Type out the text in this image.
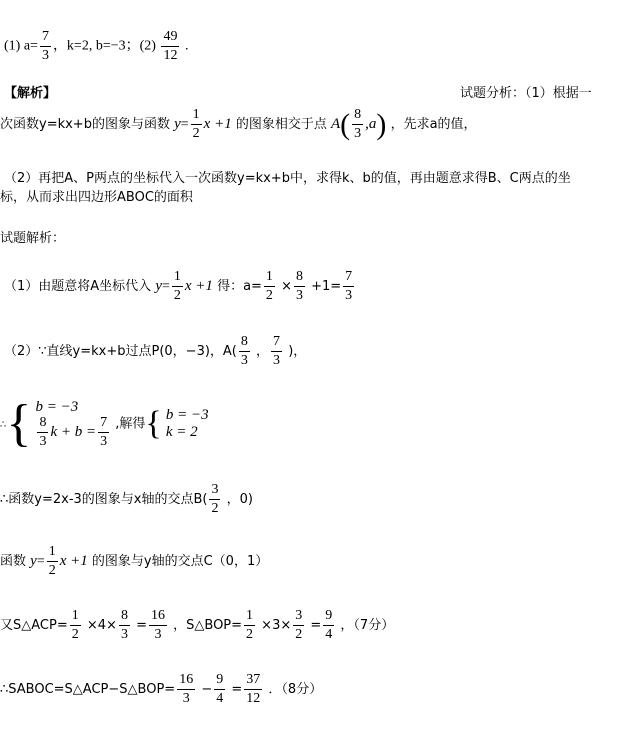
(1) $a= \frac{7}{3}$ ，k=2, b=−3；$(2) \frac{49}{12}$ .
【解析】	试题分析：（1）根据一
次函数y=kx+b的图象与函数 $y= \frac{1}{2}$ x +1 的图象相交于点 $A( \frac{8}{3} ,a)$ ，先求a的值，
（2）再把A、P两点的坐标代入一次函数y=kx+b中，求得k、b的值，再由题意求得B、C两点的坐
标，从而求出四边形ABOC的面积
试题解析：
（1）由题意将A坐标代入 $y= \frac{1}{2}$ x +1 得：$a= \frac{1}{2} \times \frac{8}{3} +1= \frac{7}{3}$
（2）∵直线y=kx+b过点P(0，−3)，$A( \frac{8}{3}$ ， $\frac{7}{3}$ )，
∴{ b = −3
$\frac{8}{3}$ $k + b = \frac{7}{3}$ ,解得{ b = −3
k = 2
∴函数y=2x-3的图象与x轴的交点$B( \frac{3}{2}$ ，0)
函数 $y= \frac{1}{2}$ x +1 的图象与y轴的交点C（0，1）
又S△ACP= $\frac{1}{2} \times 4\times \frac{8}{3} = \frac{16}{3}$ ，S△BOP= $\frac{1}{2} \times 3\times \frac{3}{2} = \frac{9}{4}$ ，（7分）
∴SABOC=S△ACP−S△BOP= $\frac{16}{3} - \frac{9}{4} = \frac{37}{12}$ ．（8分）
